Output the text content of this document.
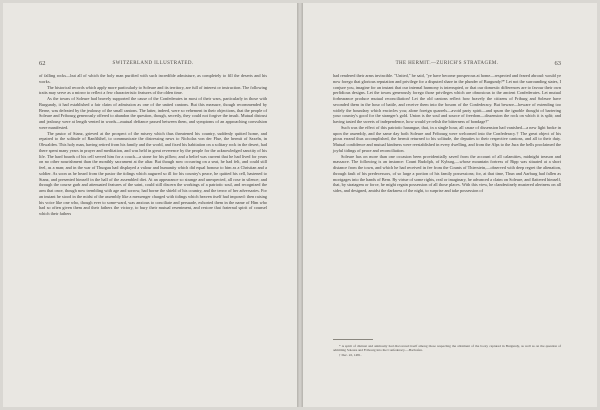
62	SWITZERLAND ILLUSTRATED.

of falling rocks—but all of which the holy man purified with such incredible admixture, as completely to fill the deserts and his works.

The historical records which apply more particularly to Soleure and its territory, are full of interest or instruction. The following traits may serve as a mirror to reflect a few characteristic features of the olden time.

As the towns of Soleure had bravely supported the cause of the Confederates in most of their wars, particularly in those with Burgundy, it had established a fair claim of admission as one of the united cantons. But this measure, though recommended by Berne, was defeated by the jealousy of the small cantons. The latter, indeed, were so vehement in their objections, that the people of Soleure and Fribourg generously offered to abandon the question, though, secretly, they could not forgive the insult. Mutual distrust and jealousy were at length vented in words—mutual defiance passed between them, and symptoms of an approaching convulsion were manifested.

The pastor of Stanz, grieved at the prospect of the misery which thus threatened his country, suddenly quitted home, and repaired to the solitude of Ranftlühel, to communicate the distressing news to Nicholas von der Flue, the hermit of Saxeln, in Obwalden. This holy man, having retired from his family and the world, and fixed his habitation on a solitary rock in the desert, had there spent many years in prayer and meditation, and was held in great reverence by the people for the acknowledged sanctity of his life. The hard boards of his cell served him for a couch—a stone for his pillow; and a belief was current that he had lived for years on no other nourishment than the monthly sacrament at the altar. But though now occurring on a seat, he had felt, and could still feel, as a man; and in the war of Thurgau had displayed a valour and humanity which did equal honour to him as a Christian and a soldier. As soon as he heard from the pastor the tidings which augured so ill for his country's peace, he quitted his cell, hastened to Stanz, and presented himself in the hall of the assembled diet. At an appearance so strange and unexpected, all rose in silence; and through the course garb and attenuated features of the saint, could still discern the workings of a patriotic soul, and recognized the arm that once, though now trembling with age and sorrow, had borne the shield of his country, and the terror of her adversaries. For an instant he stood in the midst of the assembly like a messenger charged with tidings which heaven itself had imposed: then raising his voice like one who, though ever to some-ward, was anxious to conciliate and persuade, exhorted them in the name of Him who had so often given them and their fathers the victory, to bury their mutual resentment, and restore that fraternal spirit of counsel which their fathers

THE HERMIT.—ZURICH'S STRATAGEM.	63

had rendered their arms invincible. "United," he said, "ye have become prosperous at home—respected and feared abroad: would ye now forego that glorious reputation and privilege for a disputed share in the plunder of Burgundy?* Let not the surrounding states, I conjure you, imagine for an instant that our internal harmony is interrupted, or that our domestic differences are to favour their own perfidious designs. Let the towns generously forego those privileges which are obnoxious to the ancient Confederates. Let mutual forbearance produce mutual reconciliation! Let the old cantons reflect how bravely the citizens of Friburg and Soleure have seconded them in the hour of battle, and receive them into the bosom of the Confederacy. But beware—beware of extending too widely the boundary which encircles you; alone foreign quarrels—avoid party spirit—and spurn the ignoble thought of bartering your country's good for the stranger's gold. Union is the soul and source of freedom—dissension the rock on which it is split; and having tasted the sweets of independence, how would ye relish the bitterness of bondage?"

Such was the effect of this patriotic harangue, that, in a single hour, all cause of dissension had vanished—a new light broke in upon the assembly, and the same day both Soleure and Fribourg were welcomed into the Confederacy.† The great object of his pious errand thus accomplished, the hermit returned to his solitude, the deputies to their respective cantons, and all to their duty. Mutual confidence and mutual kindness were reestablished in every dwelling, and from the Alps to the Jura the bells proclaimed the joyful tidings of peace and reconciliation.

Soleure has on more than one occasion been providentially saved from the account of all calamities, midnight treason and massacre. The following is an instance: Count Rudolph, of Kyburg,—whose mountain fortress of Bipp was situated at a short distance from the town, and which he had received in fee from the Counts of Thierstein,—observed with deep regret the alienation, through fault of his predecessors, of so large a portion of his family possessions; for, at that time, Thun and Aarburg had fallen as mortgages into the hands of Bern. By virtue of some rights, real or imaginary, he advanced a claim on Soleure, and flattered himself, that, by stratagem or force, he might regain possession of all those places. With this view, he clandestinely mustered alertness on all sides, and designed, amidst the darkness of the night, to surprise and take possession of

* A spirit of distrust and animosity had discovered itself among those respecting the allotment of the booty captured in Burgundy, as well as on the question of admitting Soleure and Fribourg into the Confederacy.—Bachofen.
† Dec. 22, 1481.
